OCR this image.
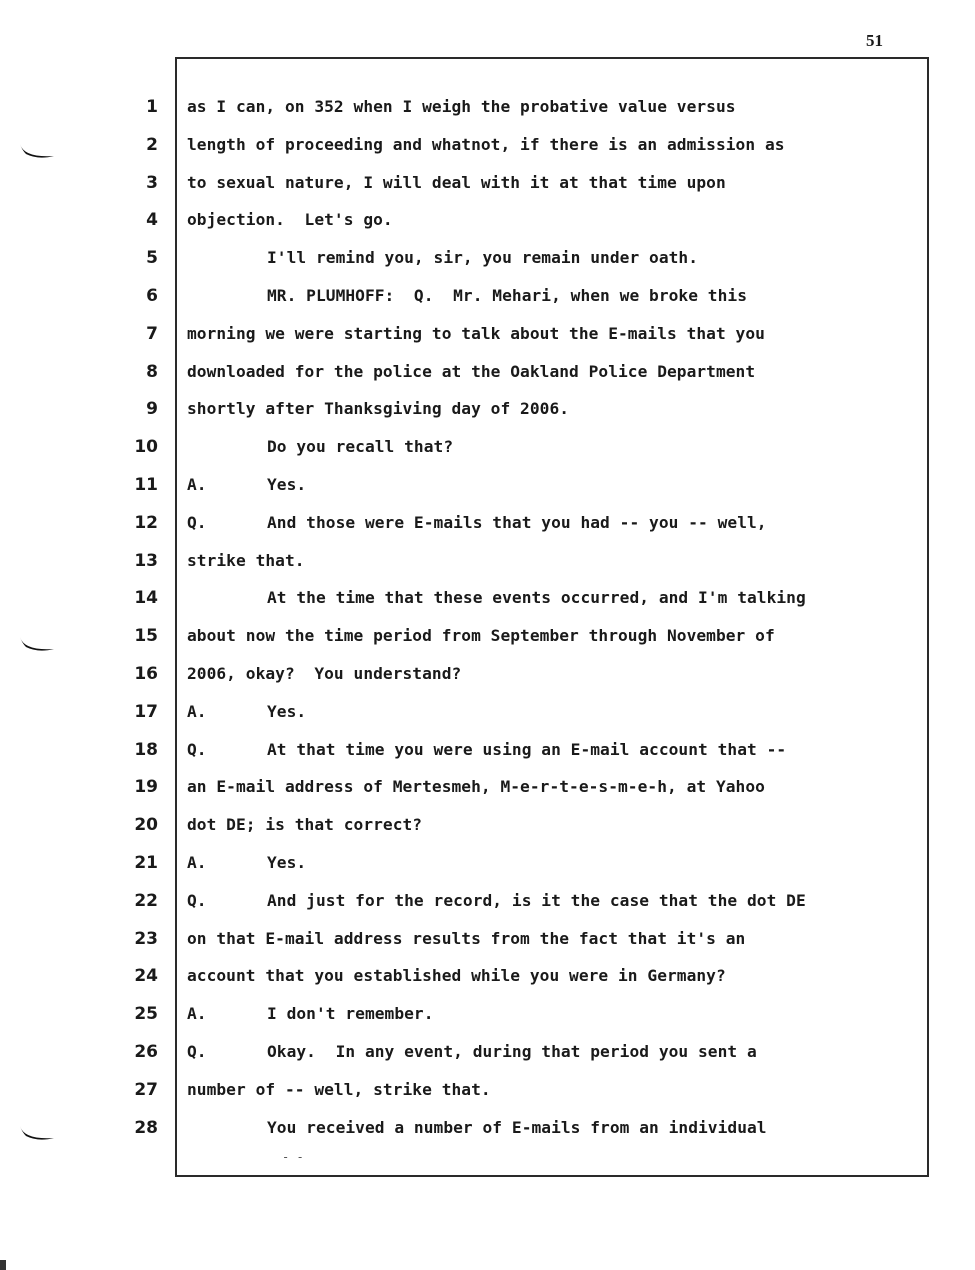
51
1 as I can, on 352 when I weigh the probative value versus
2 length of proceeding and whatnot, if there is an admission as
3 to sexual nature, I will deal with it at that time upon
4 objection.  Let's go.
5	I'll remind you, sir, you remain under oath.
6	MR. PLUMHOFF:  Q.  Mr. Mehari, when we broke this
7 morning we were starting to talk about the E-mails that you
8 downloaded for the police at the Oakland Police Department
9 shortly after Thanksgiving day of 2006.
10	Do you recall that?
11 A.	Yes.
12 Q.	And those were E-mails that you had -- you -- well,
13 strike that.
14	At the time that these events occurred, and I'm talking
15 about now the time period from September through November of
16 2006, okay?  You understand?
17 A.	Yes.
18 Q.	At that time you were using an E-mail account that --
19 an E-mail address of Mertesmeh, M-e-r-t-e-s-m-e-h, at Yahoo
20 dot DE; is that correct?
21 A.	Yes.
22 Q.	And just for the record, is it the case that the dot DE
23 on that E-mail address results from the fact that it's an
24 account that you established while you were in Germany?
25 A.	I don't remember.
26 Q.	Okay.  In any event, during that period you sent a
27 number of -- well, strike that.
28	You received a number of E-mails from an individual
- -
